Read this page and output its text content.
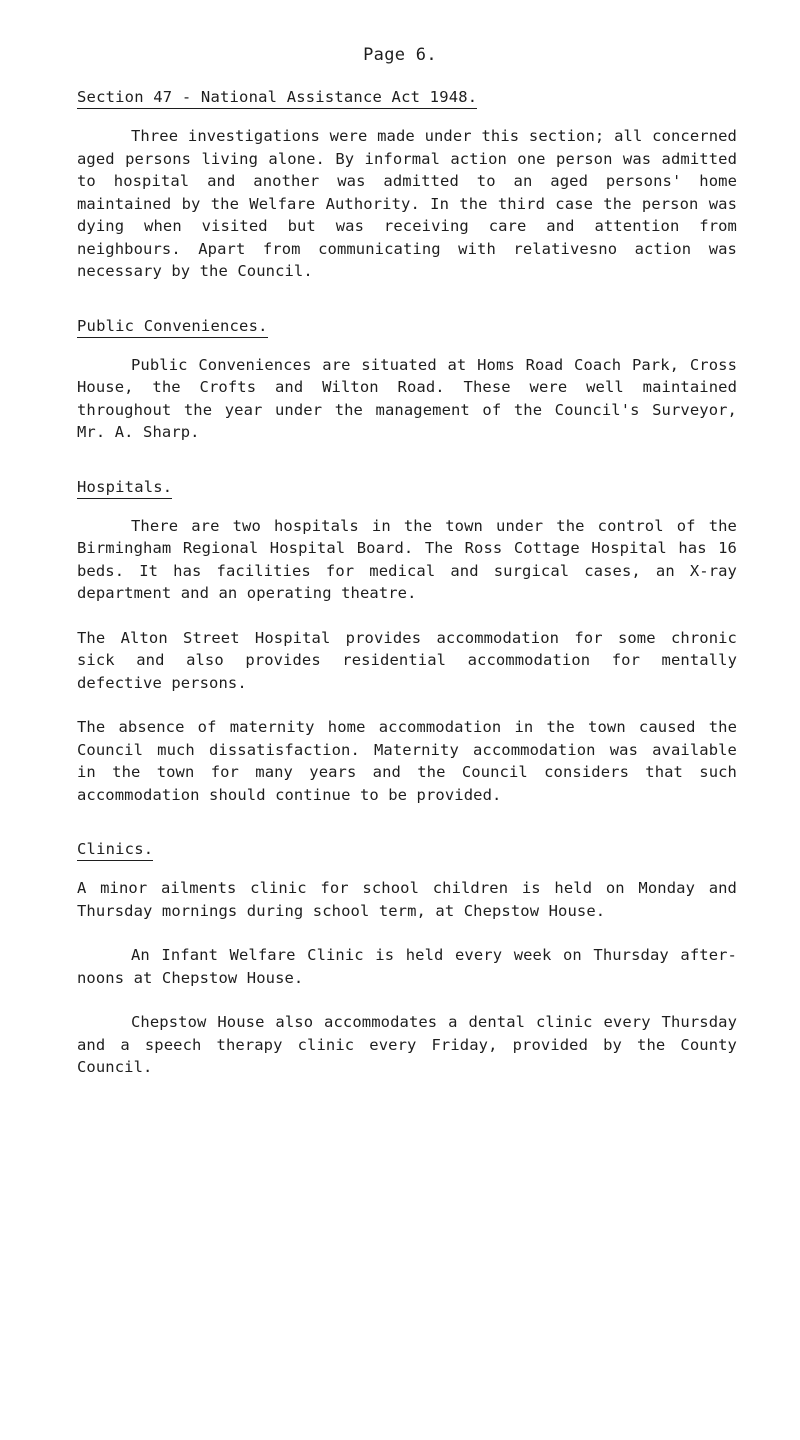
Page 6.
Section 47 - National Assistance Act 1948.

Three investigations were made under this section; all concerned aged persons living alone. By informal action one person was admitted to hospital and another was admitted to an aged persons' home maintained by the Welfare Authority. In the third case the person was dying when visited but was receiving care and attention from neighbours. Apart from communicating with relativesno action was necessary by the Council.

Public Conveniences.

Public Conveniences are situated at Homs Road Coach Park, Cross House, the Crofts and Wilton Road. These were well maintained throughout the year under the management of the Council's Surveyor, Mr. A. Sharp.

Hospitals.

There are two hospitals in the town under the control of the Birmingham Regional Hospital Board. The Ross Cottage Hospital has 16 beds. It has facilities for medical and surgical cases, an X-ray department and an operating theatre.

The Alton Street Hospital provides accommodation for some chronic sick and also provides residential accommodation for mentally defective persons.

The absence of maternity home accommodation in the town caused the Council much dissatisfaction. Maternity accommodation was available in the town for many years and the Council considers that such accommodation should continue to be provided.

Clinics.

A minor ailments clinic for school children is held on Monday and Thursday mornings during school term, at Chepstow House.

An Infant Welfare Clinic is held every week on Thursday after- noons at Chepstow House.

Chepstow House also accommodates a dental clinic every Thursday and a speech therapy clinic every Friday, provided by the County Council.
